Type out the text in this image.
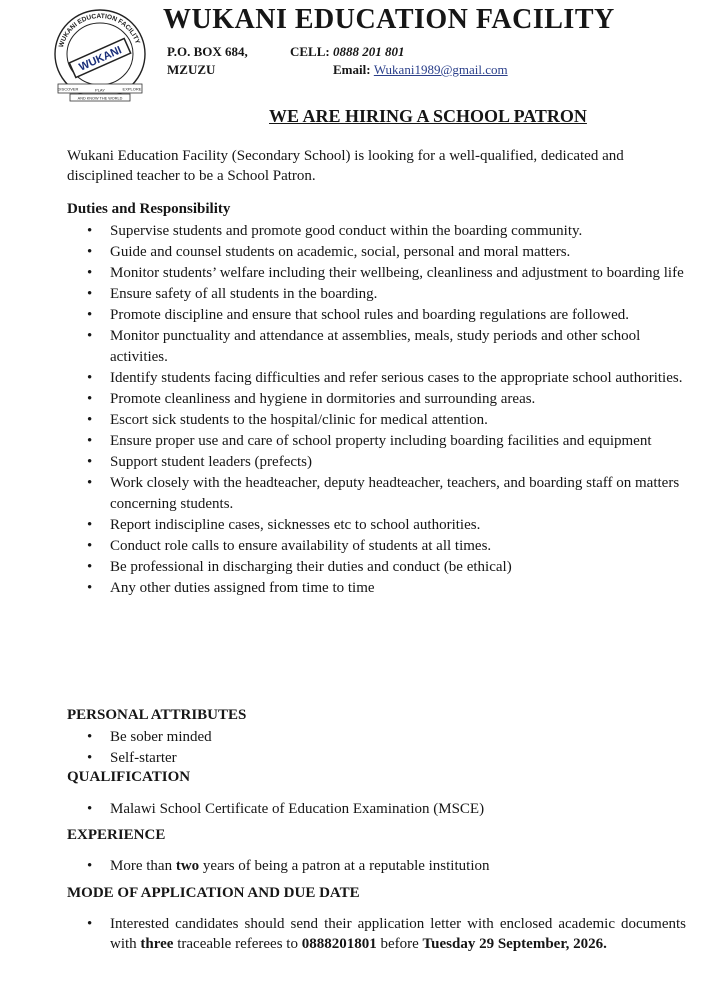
WUKANI EDUCATION FACILITY
WUKANI
DISCOVER	PLAY	EXPLORE
AND KNOW THE WORLD
WUKANI EDUCATION FACILITY
P.O. BOX 684,
MZUZU
CELL: 0888 201 801
Email: Wukani1989@gmail.com
WE ARE HIRING A SCHOOL PATRON
Wukani Education Facility (Secondary School) is looking for a well-qualified, dedicated and disciplined teacher to be a School Patron.
Duties and Responsibility
• Supervise students and promote good conduct within the boarding community.
• Guide and counsel students on academic, social, personal and moral matters.
• Monitor students’ welfare including their wellbeing, cleanliness and adjustment to boarding life
• Ensure safety of all students in the boarding.
• Promote discipline and ensure that school rules and boarding regulations are followed.
• Monitor punctuality and attendance at assemblies, meals, study periods and other school activities.
• Identify students facing difficulties and refer serious cases to the appropriate school authorities.
• Promote cleanliness and hygiene in dormitories and surrounding areas.
• Escort sick students to the hospital/clinic for medical attention.
• Ensure proper use and care of school property including boarding facilities and equipment
• Support student leaders (prefects)
• Work closely with the headteacher, deputy headteacher, teachers, and boarding staff on matters concerning students.
• Report indiscipline cases, sicknesses etc to school authorities.
• Conduct role calls to ensure availability of students at all times.
• Be professional in discharging their duties and conduct (be ethical)
• Any other duties assigned from time to time
PERSONAL ATTRIBUTES
• Be sober minded
• Self-starter
QUALIFICATION
• Malawi School Certificate of Education Examination (MSCE)
EXPERIENCE
• More than two years of being a patron at a reputable institution
MODE OF APPLICATION AND DUE DATE
• Interested candidates should send their application letter with enclosed academic documents with three traceable referees to 0888201801 before Tuesday 29 September, 2026.
